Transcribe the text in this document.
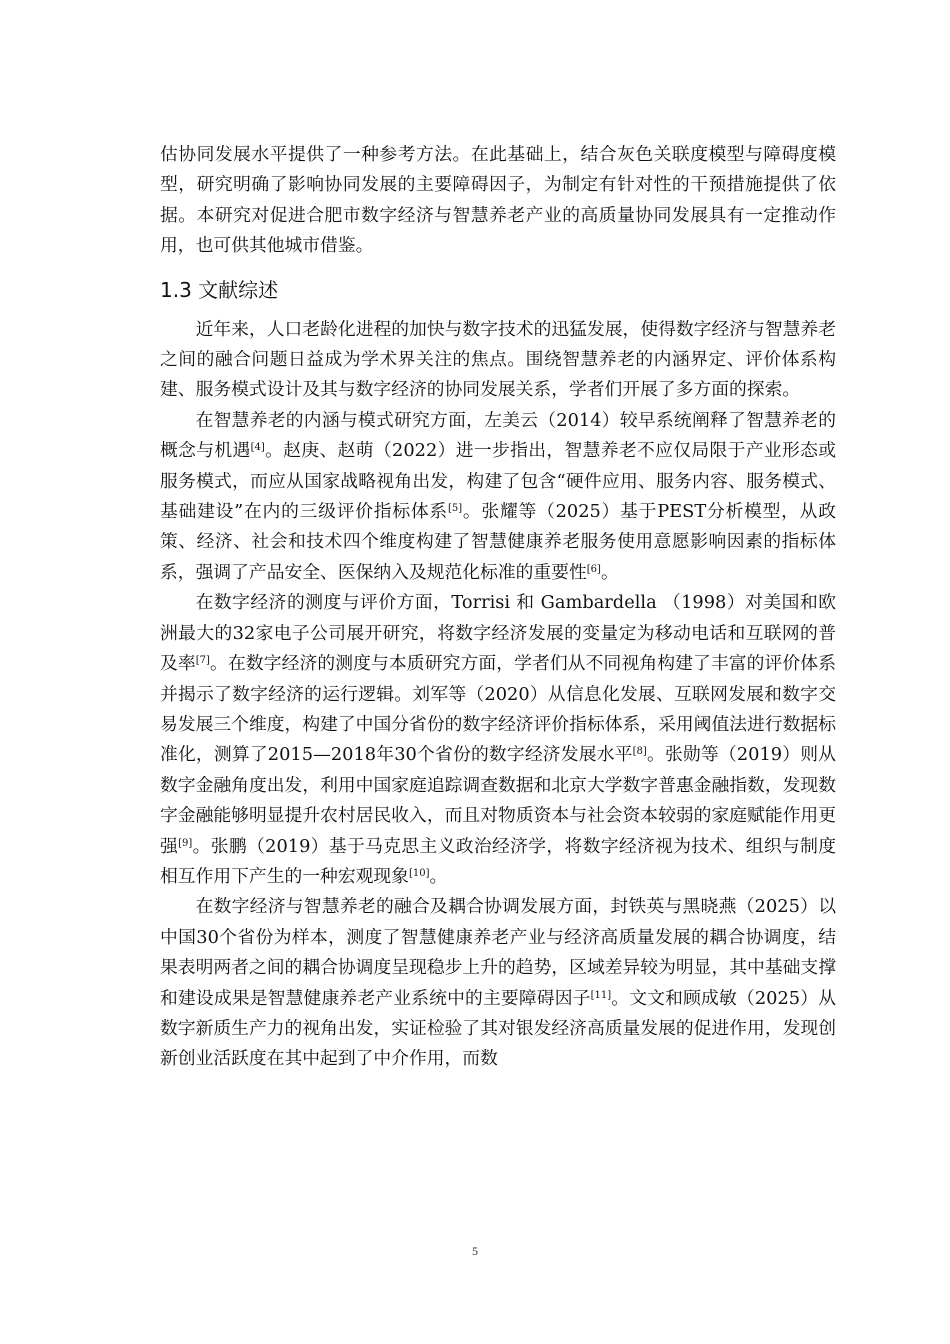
估协同发展水平提供了一种参考方法。在此基础上，结合灰色关联度模型与障碍度模型，研究明确了影响协同发展的主要障碍因子，为制定有针对性的干预措施提供了依据。本研究对促进合肥市数字经济与智慧养老产业的高质量协同发展具有一定推动作用，也可供其他城市借鉴。

1.3 文献综述

近年来，人口老龄化进程的加快与数字技术的迅猛发展，使得数字经济与智慧养老之间的融合问题日益成为学术界关注的焦点。围绕智慧养老的内涵界定、评价体系构建、服务模式设计及其与数字经济的协同发展关系，学者们开展了多方面的探索。

在智慧养老的内涵与模式研究方面，左美云（2014）较早系统阐释了智慧养老的概念与机遇[4]。赵庚、赵萌（2022）进一步指出，智慧养老不应仅局限于产业形态或服务模式，而应从国家战略视角出发，构建了包含“硬件应用、服务内容、服务模式、基础建设”在内的三级评价指标体系[5]。张耀等（2025）基于PEST分析模型，从政策、经济、社会和技术四个维度构建了智慧健康养老服务使用意愿影响因素的指标体系，强调了产品安全、医保纳入及规范化标准的重要性[6]。

在数字经济的测度与评价方面，Torrisi 和 Gambardella （1998）对美国和欧洲最大的32家电子公司展开研究，将数字经济发展的变量定为移动电话和互联网的普及率[7]。在数字经济的测度与本质研究方面，学者们从不同视角构建了丰富的评价体系并揭示了数字经济的运行逻辑。刘军等（2020）从信息化发展、互联网发展和数字交易发展三个维度，构建了中国分省份的数字经济评价指标体系，采用阈值法进行数据标准化，测算了2015—2018年30个省份的数字经济发展水平[8]。张勋等（2019）则从数字金融角度出发，利用中国家庭追踪调查数据和北京大学数字普惠金融指数，发现数字金融能够明显提升农村居民收入，而且对物质资本与社会资本较弱的家庭赋能作用更强[9]。张鹏（2019）基于马克思主义政治经济学，将数字经济视为技术、组织与制度相互作用下产生的一种宏观现象[10]。

在数字经济与智慧养老的融合及耦合协调发展方面，封铁英与黑晓燕（2025）以中国30个省份为样本，测度了智慧健康养老产业与经济高质量发展的耦合协调度，结果表明两者之间的耦合协调度呈现稳步上升的趋势，区域差异较为明显，其中基础支撑和建设成果是智慧健康养老产业系统中的主要障碍因子[11]。文文和顾成敏（2025）从数字新质生产力的视角出发，实证检验了其对银发经济高质量发展的促进作用，发现创新创业活跃度在其中起到了中介作用，而数

5
